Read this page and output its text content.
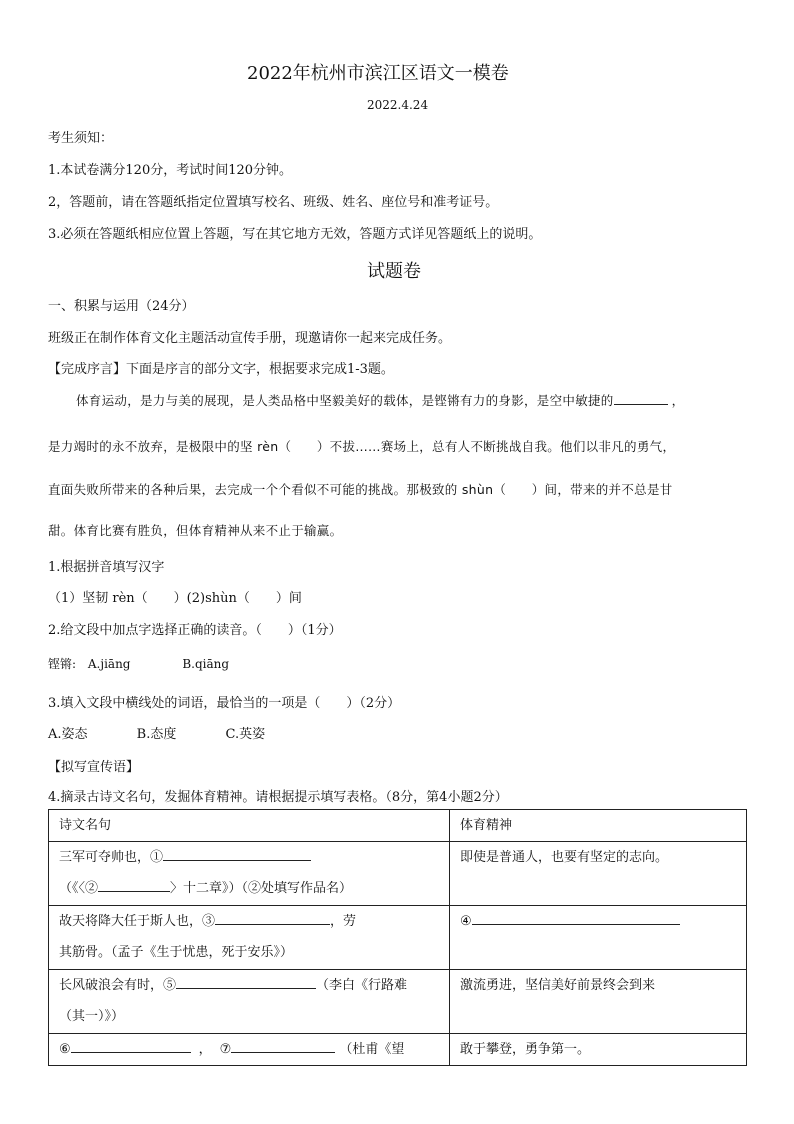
2022年杭州市滨江区语文一模卷
2022.4.24
考生须知：
1.本试卷满分120分，考试时间120分钟。
2，答题前，请在答题纸指定位置填写校名、班级、姓名、座位号和准考证号。
3.必须在答题纸相应位置上答题，写在其它地方无效，答题方式详见答题纸上的说明。
试题卷
一、积累与运用（24分）
班级正在制作体育文化主题活动宣传手册，现邀请你一起来完成任务。
【完成序言】下面是序言的部分文字，根据要求完成1-3题。
体育运动，是力与美的展现，是人类品格中坚毅美好的载体，是铿锵有力的身影，是空中敏捷的	，
是力竭时的永不放弃，是极限中的坚 rèn（　　）不拔……赛场上，总有人不断挑战自我。他们以非凡的勇气，
直面失败所带来的各种后果，去完成一个个看似不可能的挑战。那极致的 shùn（　　）间，带来的并不总是甘
甜。体育比赛有胜负，但体育精神从来不止于输赢。
1.根据拼音填写汉字
（1）坚韧 rèn（　　）(2)shùn（　　）间
2.给文段中加点字选择正确的读音。（　　）（1分）
铿锵: A.jiāng	B.qiāng
3.填入文段中横线处的词语，最恰当的一项是（　　）（2分）
A.姿态	B.态度	C.英姿
【拟写宣传语】
4.摘录古诗文名句，发掘体育精神。请根据提示填写表格。（8分，第4小题2分）
诗文名句	体育精神

三军可夺帅也，①
（《〈② 〉十二章》）（②处填写作品名）	即使是普通人，也要有坚定的志向。

故天将降大任于斯人也，③ ，劳
其筋骨。（孟子《生于忧患，死于安乐》）	④

长风破浪会有时，⑤ （李白《行路难
（其一）》）	激流勇进，坚信美好前景终会到来

⑥ ， ⑦ （杜甫《望	敢于攀登，勇争第一。
